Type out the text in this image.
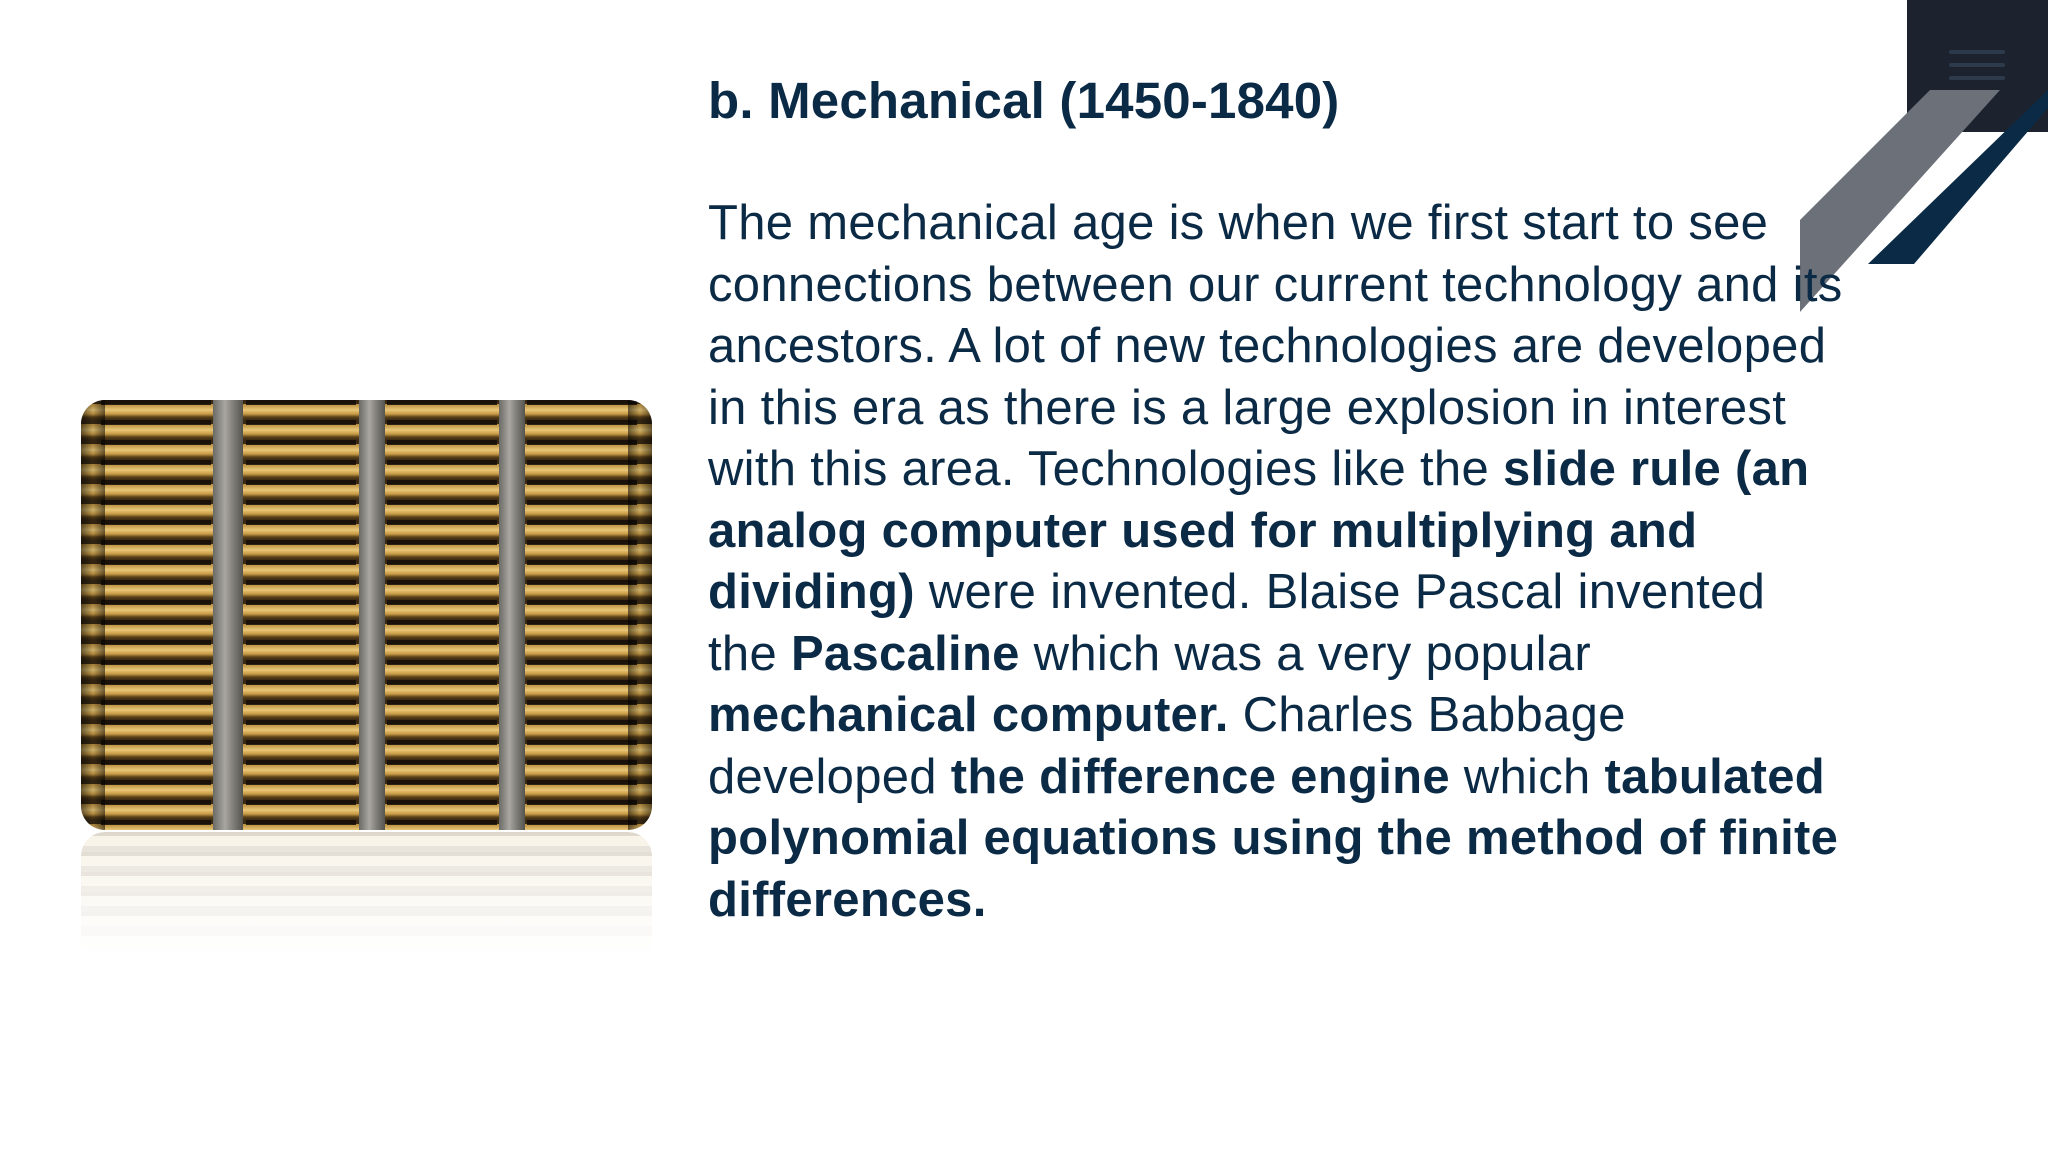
b. Mechanical (1450-1840)

The mechanical age is when we first start to see connections between our current technology and its ancestors. A lot of new technologies are developed in this era as there is a large explosion in interest with this area. Technologies like the slide rule (an analog computer used for multiplying and dividing) were invented. Blaise Pascal invented the Pascaline which was a very popular mechanical computer. Charles Babbage developed the difference engine which tabulated polynomial equations using the method of finite differences.
